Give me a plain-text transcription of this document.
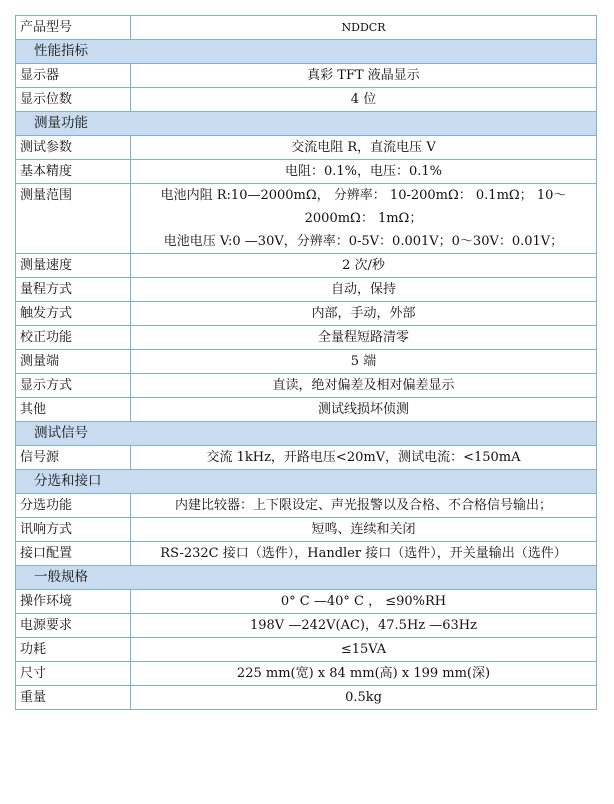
产品型号	NDDCR
性能指标	
显示器	真彩 TFT 液晶显示
显示位数	4 位
测量功能	
测试参数	交流电阻 R，直流电压 V
基本精度	电阻：0.1%，电压：0.1%
测量范围	电池内阻 R:10—2000mΩ， 分辨率： 10-200mΩ： 0.1mΩ； 10～2000mΩ： 1mΩ；
电池电压 V:0 —30V，分辨率：0-5V：0.001V；0～30V：0.01V；
测量速度	2 次/秒
量程方式	自动，保持
触发方式	内部，手动，外部
校正功能	全量程短路清零
测量端	5 端
显示方式	直读，绝对偏差及相对偏差显示
其他	测试线损坏侦测
测试信号	
信号源	交流 1kHz，开路电压<20mV，测试电流：<150mA
分选和接口	
分选功能	内建比较器：上下限设定、声光报警以及合格、不合格信号输出；
讯响方式	短鸣、连续和关闭
接口配置	RS-232C 接口（选件），Handler 接口（选件），开关量输出（选件）
一般规格	
操作环境	0° C —40° C ， ≤90%RH
电源要求	198V —242V(AC)，47.5Hz —63Hz
功耗	≤15VA
尺寸	225 mm(宽) x 84 mm(高) x 199 mm(深)
重量	0.5kg
